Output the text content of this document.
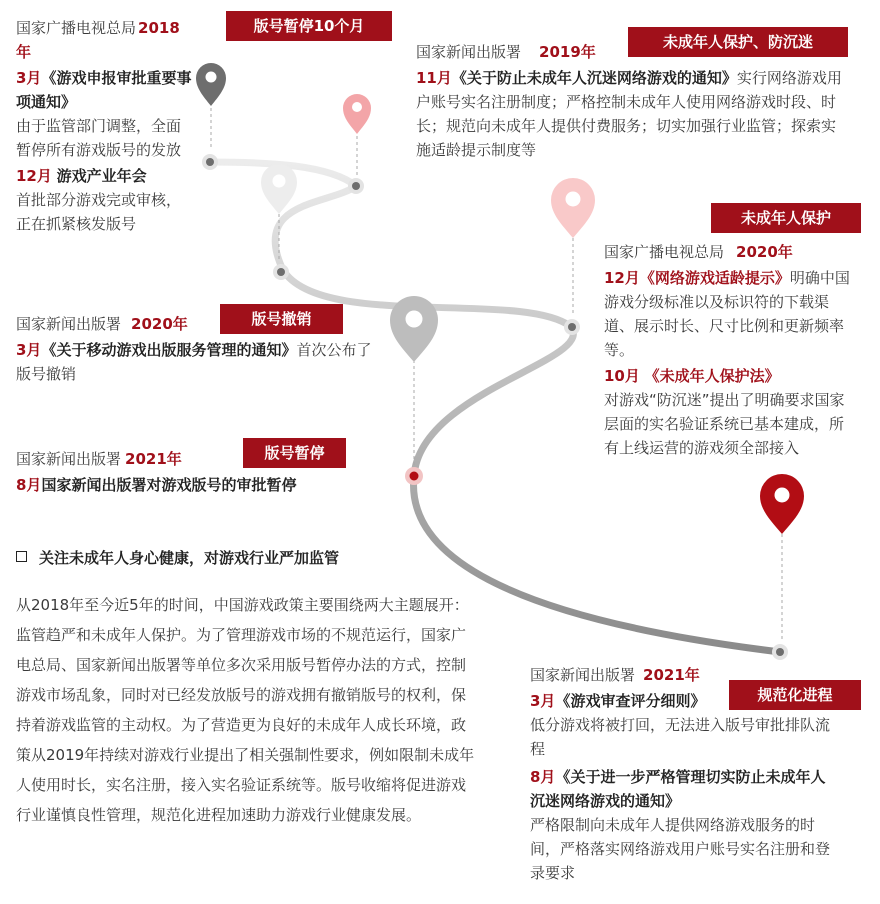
版号暂停10个月

国家广播电视总局 2018年

3月《游戏申报审批重要事项通知》

由于监管部门调整，全面暂停所有游戏版号的发放

12月 游戏产业年会

首批部分游戏完或审核，正在抓紧核发版号

未成年人保护、防沉迷

国家新闻出版署 2019年

11月《关于防止未成年人沉迷网络游戏的通知》实行网络游戏用户账号实名注册制度；严格控制未成年人使用网络游戏时段、时长；规范向未成年人提供付费服务；切实加强行业监管；探索实施适龄提示制度等

未成年人保护

国家广播电视总局 2020年

12月《网络游戏适龄提示》明确中国游戏分级标准以及标识符的下载渠道、展示时长、尺寸比例和更新频率等。

10月 《未成年人保护法》

对游戏“防沉迷”提出了明确要求国家层面的实名验证系统已基本建成，所有上线运营的游戏须全部接入

版号撤销

国家新闻出版署 2020年

3月《关于移动游戏出版服务管理的通知》首次公布了版号撤销

版号暂停

国家新闻出版署 2021年

8月国家新闻出版署对游戏版号的审批暂停

规范化进程

国家新闻出版署 2021年

3月《游戏审查评分细则》

低分游戏将被打回，无法进入版号审批排队流程

8月《关于进一步严格管理切实防止未成年人沉迷网络游戏的通知》

严格限制向未成年人提供网络游戏服务的时间，严格落实网络游戏用户账号实名注册和登录要求

关注未成年人身心健康，对游戏行业严加监管
从2018年至今近5年的时间，中国游戏政策主要围绕两大主题展开：监管趋严和未成年人保护。为了管理游戏市场的不规范运行，国家广电总局、国家新闻出版署等单位多次采用版号暂停办法的方式，控制游戏市场乱象，同时对已经发放版号的游戏拥有撤销版号的权利，保持着游戏监管的主动权。为了营造更为良好的未成年人成长环境，政策从2019年持续对游戏行业提出了相关强制性要求，例如限制未成年人使用时长，实名注册，接入实名验证系统等。版号收缩将促进游戏行业谨慎良性管理，规范化进程加速助力游戏行业健康发展。
